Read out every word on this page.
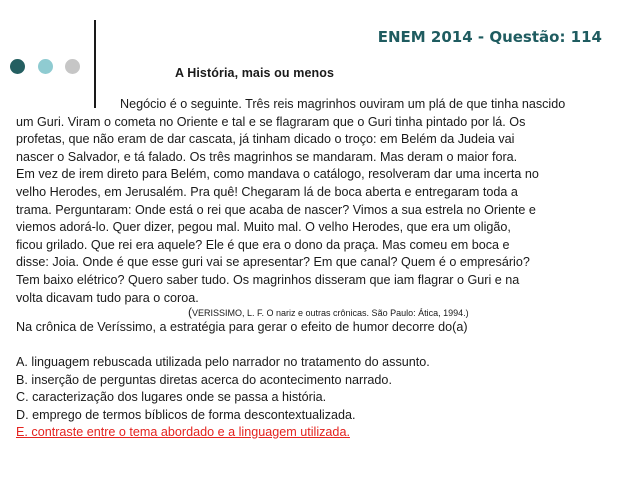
ENEM 2014 - Questão: 114
A História, mais ou menos
Negócio é o seguinte. Três reis magrinhos ouviram um plá de que tinha nascido
um Guri. Viram o cometa no Oriente e tal e se flagraram que o Guri tinha pintado por lá. Os
profetas, que não eram de dar cascata, já tinham dicado o troço: em Belém da Judeia vai
nascer o Salvador, e tá falado. Os três magrinhos se mandaram. Mas deram o maior fora.
Em vez de irem direto para Belém, como mandava o catálogo, resolveram dar uma incerta no
velho Herodes, em Jerusalém. Pra quê! Chegaram lá de boca aberta e entregaram toda a
trama. Perguntaram: Onde está o rei que acaba de nascer? Vimos a sua estrela no Oriente e
viemos adorá-lo. Quer dizer, pegou mal. Muito mal. O velho Herodes, que era um oligão,
ficou grilado. Que rei era aquele? Ele é que era o dono da praça. Mas comeu em boca e
disse: Joia. Onde é que esse guri vai se apresentar? Em que canal? Quem é o empresário?
Tem baixo elétrico? Quero saber tudo. Os magrinhos disseram que iam flagrar o Guri e na
volta dicavam tudo para o coroa.
(VERISSIMO, L. F. O nariz e outras crônicas. São Paulo: Ática, 1994.)
Na crônica de Veríssimo, a estratégia para gerar o efeito de humor decorre do(a)
A. linguagem rebuscada utilizada pelo narrador no tratamento do assunto.
B. inserção de perguntas diretas acerca do acontecimento narrado.
C. caracterização dos lugares onde se passa a história.
D. emprego de termos bíblicos de forma descontextualizada.
E. contraste entre o tema abordado e a linguagem utilizada.
